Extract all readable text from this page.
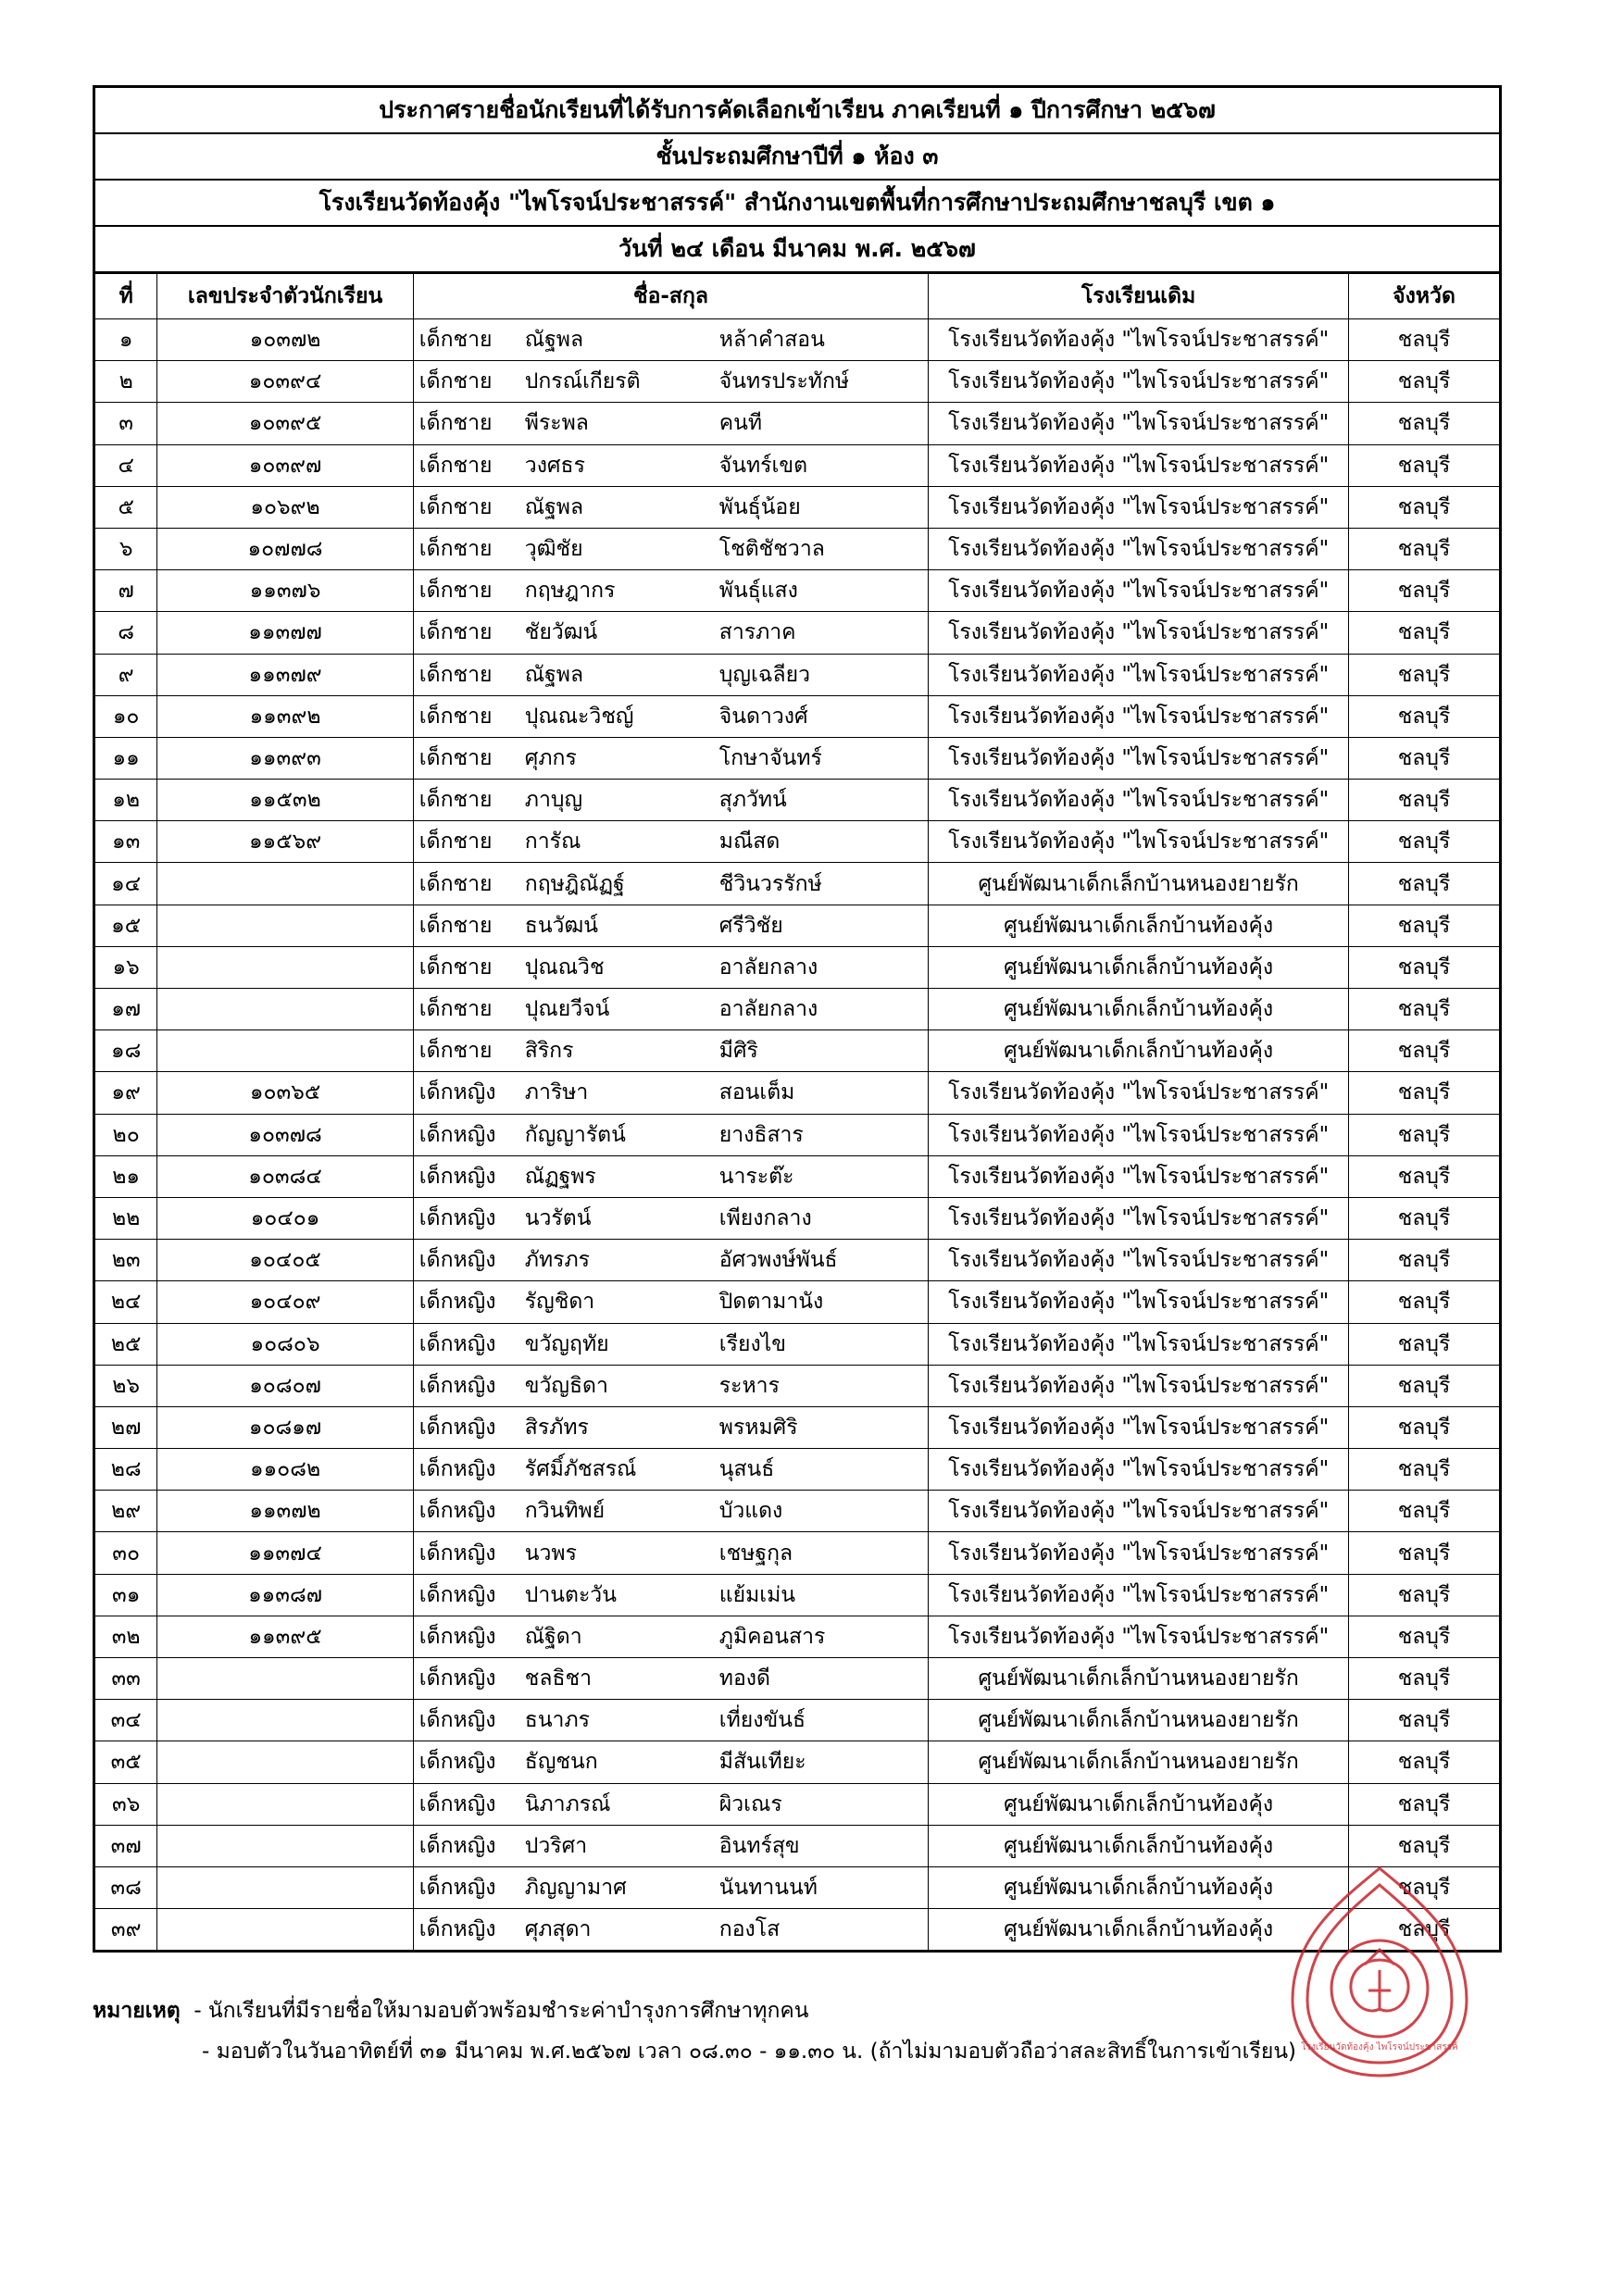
ประกาศรายชื่อนักเรียนที่ได้รับการคัดเลือกเข้าเรียน ภาคเรียนที่ ๑ ปีการศึกษา ๒๕๖๗
ชั้นประถมศึกษาปีที่ ๑ ห้อง ๓
โรงเรียนวัดท้องคุ้ง "ไพโรจน์ประชาสรรค์" สำนักงานเขตพื้นที่การศึกษาประถมศึกษาชลบุรี เขต ๑
วันที่ ๒๔ เดือน มีนาคม พ.ศ. ๒๕๖๗
ที่	เลขประจำตัวนักเรียน	ชื่อ-สกุล	โรงเรียนเดิม	จังหวัด
๑	๑๐๓๗๒	เด็กชาย ณัฐพล หล้าคำสอน	โรงเรียนวัดท้องคุ้ง "ไพโรจน์ประชาสรรค์"	ชลบุรี
๒	๑๐๓๙๔	เด็กชาย ปกรณ์เกียรติ จันทรประทักษ์	โรงเรียนวัดท้องคุ้ง "ไพโรจน์ประชาสรรค์"	ชลบุรี
๓	๑๐๓๙๕	เด็กชาย พีระพล คนที	โรงเรียนวัดท้องคุ้ง "ไพโรจน์ประชาสรรค์"	ชลบุรี
๔	๑๐๓๙๗	เด็กชาย วงศธร จันทร์เขต	โรงเรียนวัดท้องคุ้ง "ไพโรจน์ประชาสรรค์"	ชลบุรี
๕	๑๐๖๙๒	เด็กชาย ณัฐพล พันธุ์น้อย	โรงเรียนวัดท้องคุ้ง "ไพโรจน์ประชาสรรค์"	ชลบุรี
๖	๑๐๗๗๘	เด็กชาย วุฒิชัย โชติชัชวาล	โรงเรียนวัดท้องคุ้ง "ไพโรจน์ประชาสรรค์"	ชลบุรี
๗	๑๑๓๗๖	เด็กชาย กฤษฎากร พันธุ์แสง	โรงเรียนวัดท้องคุ้ง "ไพโรจน์ประชาสรรค์"	ชลบุรี
๘	๑๑๓๗๗	เด็กชาย ชัยวัฒน์ สารภาค	โรงเรียนวัดท้องคุ้ง "ไพโรจน์ประชาสรรค์"	ชลบุรี
๙	๑๑๓๗๙	เด็กชาย ณัฐพล บุญเฉลียว	โรงเรียนวัดท้องคุ้ง "ไพโรจน์ประชาสรรค์"	ชลบุรี
๑๐	๑๑๓๙๒	เด็กชาย ปุณณะวิชญ์ จินดาวงศ์	โรงเรียนวัดท้องคุ้ง "ไพโรจน์ประชาสรรค์"	ชลบุรี
๑๑	๑๑๓๙๓	เด็กชาย ศุภกร โกษาจันทร์	โรงเรียนวัดท้องคุ้ง "ไพโรจน์ประชาสรรค์"	ชลบุรี
๑๒	๑๑๕๓๒	เด็กชาย ภาบุญ สุภวัทน์	โรงเรียนวัดท้องคุ้ง "ไพโรจน์ประชาสรรค์"	ชลบุรี
๑๓	๑๑๕๖๙	เด็กชาย การัณ มณีสด	โรงเรียนวัดท้องคุ้ง "ไพโรจน์ประชาสรรค์"	ชลบุรี
๑๔		เด็กชาย กฤษฎิณัฏฐ์ ชีวินวรรักษ์	ศูนย์พัฒนาเด็กเล็กบ้านหนองยายรัก	ชลบุรี
๑๕		เด็กชาย ธนวัฒน์ ศรีวิชัย	ศูนย์พัฒนาเด็กเล็กบ้านท้องคุ้ง	ชลบุรี
๑๖		เด็กชาย ปุณณวิช อาลัยกลาง	ศูนย์พัฒนาเด็กเล็กบ้านท้องคุ้ง	ชลบุรี
๑๗		เด็กชาย ปุณยวีจน์ อาลัยกลาง	ศูนย์พัฒนาเด็กเล็กบ้านท้องคุ้ง	ชลบุรี
๑๘		เด็กชาย สิริกร มีศิริ	ศูนย์พัฒนาเด็กเล็กบ้านท้องคุ้ง	ชลบุรี
๑๙	๑๐๓๖๕	เด็กหญิง ภาริษา สอนเต็ม	โรงเรียนวัดท้องคุ้ง "ไพโรจน์ประชาสรรค์"	ชลบุรี
๒๐	๑๐๓๗๘	เด็กหญิง กัญญารัตน์ ยางธิสาร	โรงเรียนวัดท้องคุ้ง "ไพโรจน์ประชาสรรค์"	ชลบุรี
๒๑	๑๐๓๘๔	เด็กหญิง ณัฏฐพร นาระต๊ะ	โรงเรียนวัดท้องคุ้ง "ไพโรจน์ประชาสรรค์"	ชลบุรี
๒๒	๑๐๔๐๑	เด็กหญิง นวรัตน์ เพียงกลาง	โรงเรียนวัดท้องคุ้ง "ไพโรจน์ประชาสรรค์"	ชลบุรี
๒๓	๑๐๔๐๕	เด็กหญิง ภัทรภร อัศวพงษ์พันธ์	โรงเรียนวัดท้องคุ้ง "ไพโรจน์ประชาสรรค์"	ชลบุรี
๒๔	๑๐๔๐๙	เด็กหญิง รัญชิดา ปิดตามานัง	โรงเรียนวัดท้องคุ้ง "ไพโรจน์ประชาสรรค์"	ชลบุรี
๒๕	๑๐๘๐๖	เด็กหญิง ขวัญฤทัย เรียงไข	โรงเรียนวัดท้องคุ้ง "ไพโรจน์ประชาสรรค์"	ชลบุรี
๒๖	๑๐๘๐๗	เด็กหญิง ขวัญธิดา ระหาร	โรงเรียนวัดท้องคุ้ง "ไพโรจน์ประชาสรรค์"	ชลบุรี
๒๗	๑๐๘๑๗	เด็กหญิง สิรภัทร พรหมศิริ	โรงเรียนวัดท้องคุ้ง "ไพโรจน์ประชาสรรค์"	ชลบุรี
๒๘	๑๑๐๘๒	เด็กหญิง รัศมิ์ภัชสรณ์ นุสนธ์	โรงเรียนวัดท้องคุ้ง "ไพโรจน์ประชาสรรค์"	ชลบุรี
๒๙	๑๑๓๗๒	เด็กหญิง กวินทิพย์ บัวแดง	โรงเรียนวัดท้องคุ้ง "ไพโรจน์ประชาสรรค์"	ชลบุรี
๓๐	๑๑๓๗๔	เด็กหญิง นวพร เชษฐกุล	โรงเรียนวัดท้องคุ้ง "ไพโรจน์ประชาสรรค์"	ชลบุรี
๓๑	๑๑๓๘๗	เด็กหญิง ปานตะวัน แย้มเม่น	โรงเรียนวัดท้องคุ้ง "ไพโรจน์ประชาสรรค์"	ชลบุรี
๓๒	๑๑๓๙๕	เด็กหญิง ณัฐิดา ภูมิคอนสาร	โรงเรียนวัดท้องคุ้ง "ไพโรจน์ประชาสรรค์"	ชลบุรี
๓๓		เด็กหญิง ชลธิชา ทองดี	ศูนย์พัฒนาเด็กเล็กบ้านหนองยายรัก	ชลบุรี
๓๔		เด็กหญิง ธนาภร เที่ยงขันธ์	ศูนย์พัฒนาเด็กเล็กบ้านหนองยายรัก	ชลบุรี
๓๕		เด็กหญิง ธัญชนก มีสันเทียะ	ศูนย์พัฒนาเด็กเล็กบ้านหนองยายรัก	ชลบุรี
๓๖		เด็กหญิง นิภาภรณ์ ผิวเณร	ศูนย์พัฒนาเด็กเล็กบ้านท้องคุ้ง	ชลบุรี
๓๗		เด็กหญิง ปวริศา อินทร์สุข	ศูนย์พัฒนาเด็กเล็กบ้านท้องคุ้ง	ชลบุรี
๓๘		เด็กหญิง ภิญญามาศ นันทานนท์	ศูนย์พัฒนาเด็กเล็กบ้านท้องคุ้ง	ชลบุรี
๓๙		เด็กหญิง ศุภสุดา กองโส	ศูนย์พัฒนาเด็กเล็กบ้านท้องคุ้ง	ชลบุรี
หมายเหตุ - นักเรียนที่มีรายชื่อให้มามอบตัวพร้อมชำระค่าบำรุงการศึกษาทุกคน
- มอบตัวในวันอาทิตย์ที่ ๓๑ มีนาคม พ.ศ.๒๕๖๗ เวลา ๐๘.๓๐ - ๑๑.๓๐ น. (ถ้าไม่มามอบตัวถือว่าสละสิทธิ์ในการเข้าเรียน) โรงเรียนวัดท้องคุ้ง ไพโรจน์ประชาสรรค์
